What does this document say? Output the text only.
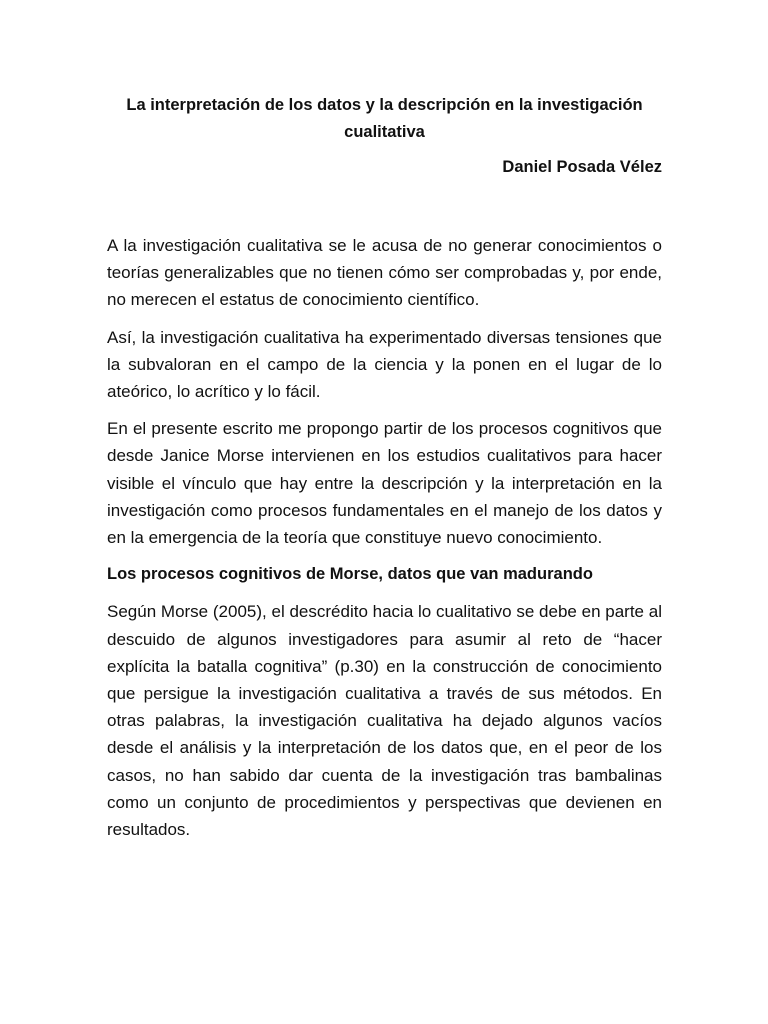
La interpretación de los datos y la descripción en la investigación cualitativa

Daniel Posada Vélez

A la investigación cualitativa se le acusa de no generar conocimientos o teorías generalizables que no tienen cómo ser comprobadas y, por ende, no merecen el estatus de conocimiento científico.

Así, la investigación cualitativa ha experimentado diversas tensiones que la subvaloran en el campo de la ciencia y la ponen en el lugar de lo ateórico, lo acrítico y lo fácil.

En el presente escrito me propongo partir de los procesos cognitivos que desde Janice Morse intervienen en los estudios cualitativos para hacer visible el vínculo que hay entre la descripción y la interpretación en la investigación como procesos fundamentales en el manejo de los datos y en la emergencia de la teoría que constituye nuevo conocimiento.

Los procesos cognitivos de Morse, datos que van madurando

Según Morse (2005), el descrédito hacia lo cualitativo se debe en parte al descuido de algunos investigadores para asumir al reto de “hacer explícita la batalla cognitiva” (p.30) en la construcción de conocimiento que persigue la investigación cualitativa a través de sus métodos. En otras palabras, la investigación cualitativa ha dejado algunos vacíos desde el análisis y la interpretación de los datos que, en el peor de los casos, no han sabido dar cuenta de la investigación tras bambalinas como un conjunto de procedimientos y perspectivas que devienen en resultados.
